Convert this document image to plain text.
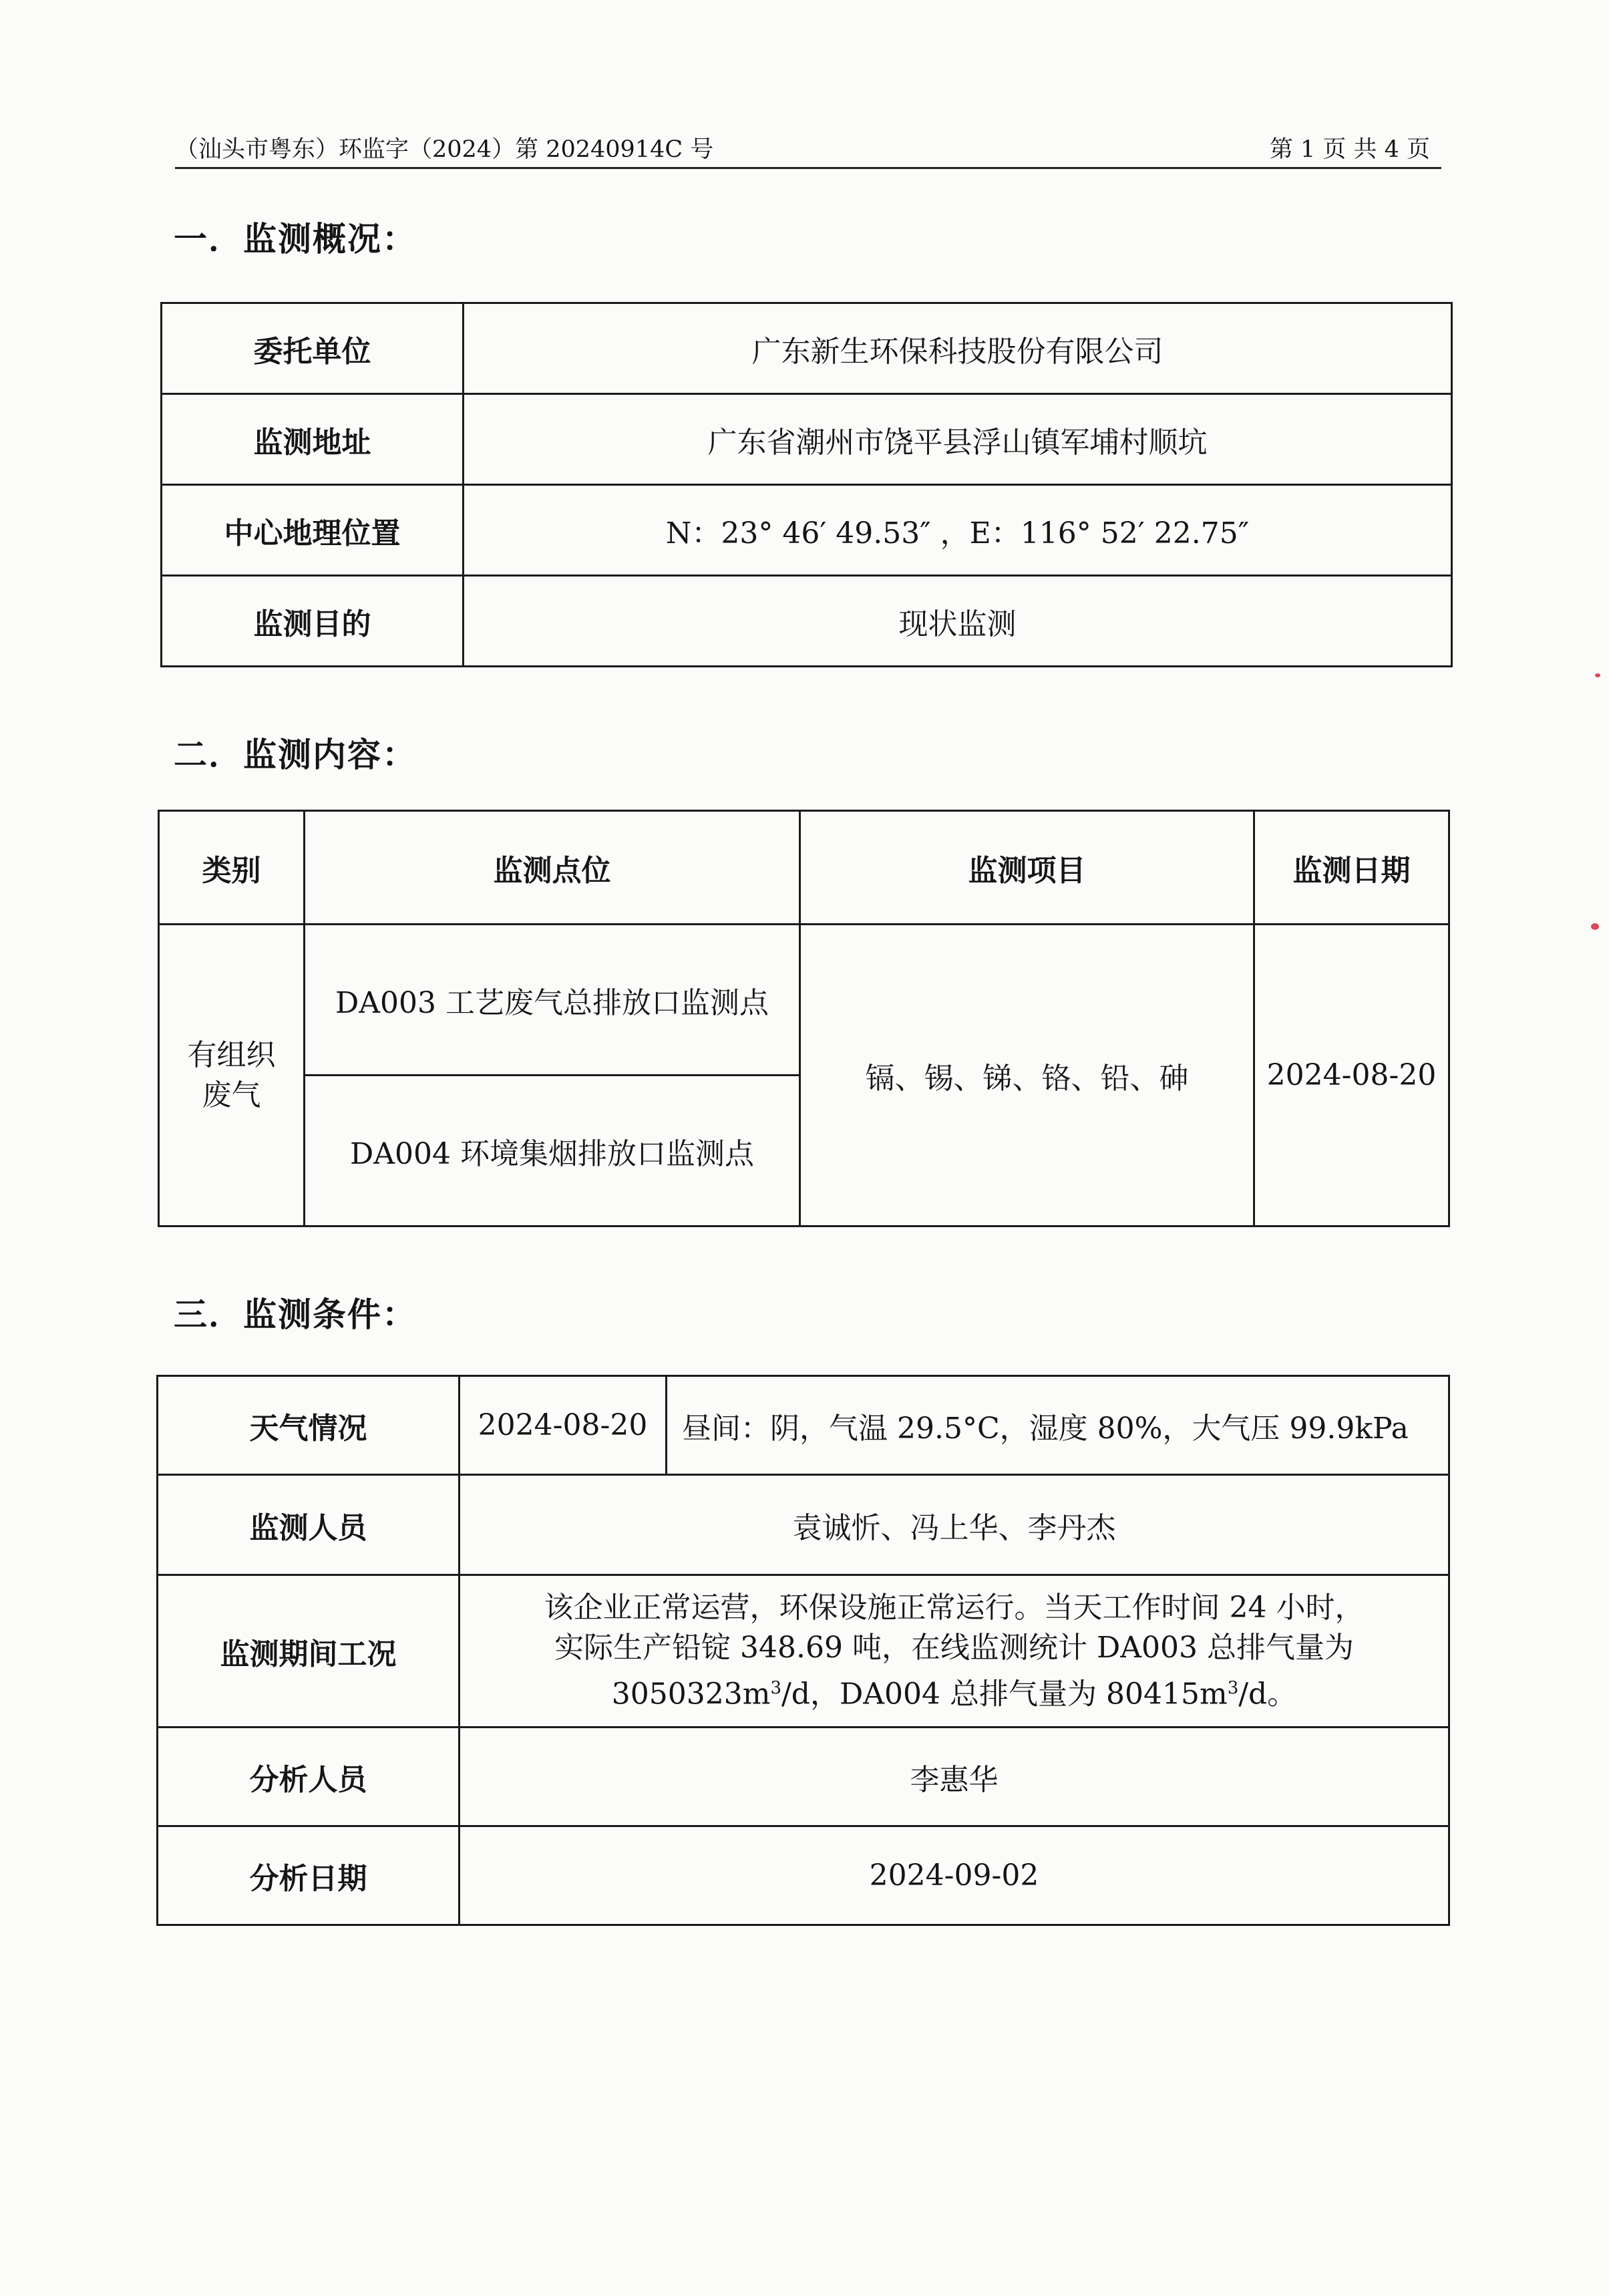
（汕头市粤东）环监字（2024）第 20240914C 号	第 1 页 共 4 页
一．监测概况：
委托单位	广东新生环保科技股份有限公司
监测地址	广东省潮州市饶平县浮山镇军埔村顺坑
中心地理位置	N：23° 46′ 49.53″ ，E：116° 52′ 22.75″
监测目的	现状监测
二．监测内容：
类别	监测点位	监测项目	监测日期

有组织
废气	DA003 工艺废气总排放口监测点	镉、锡、锑、铬、铅、砷	2024-08-20
	DA004 环境集烟排放口监测点		
三．监测条件：
天气情况	2024-08-20	昼间：阴，气温 29.5°C，湿度 80%，大气压 99.9kPa
监测人员	袁诚忻、冯上华、李丹杰	
监测期间工况	该企业正常运营，环保设施正常运行。当天工作时间 24 小时，
实际生产铅锭 348.69 吨，在线监测统计 DA003 总排气量为
$3050323m^3/d$，DA004 总排气量为 $80415m^3/d$。	

分析人员	李惠华	
分析日期	2024-09-02	
